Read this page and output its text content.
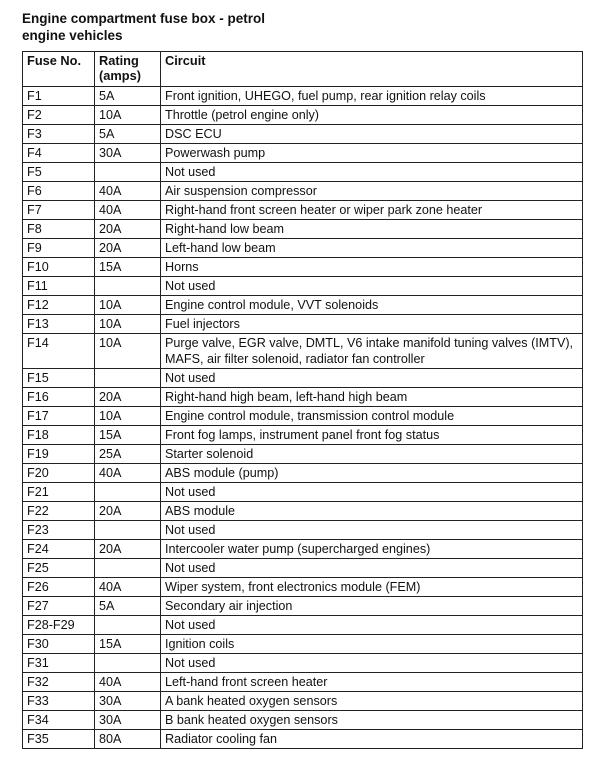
Engine compartment fuse box - petrol
engine vehicles
Fuse No.	Rating (amps)	Circuit
F1	5A	Front ignition, UHEGO, fuel pump, rear ignition relay coils
F2	10A	Throttle (petrol engine only)
F3	5A	DSC ECU
F4	30A	Powerwash pump
F5		Not used
F6	40A	Air suspension compressor
F7	40A	Right-hand front screen heater or wiper park zone heater
F8	20A	Right-hand low beam
F9	20A	Left-hand low beam
F10	15A	Horns
F11		Not used
F12	10A	Engine control module, VVT solenoids
F13	10A	Fuel injectors
F14	10A	Purge valve, EGR valve, DMTL, V6 intake manifold tuning valves (IMTV), MAFS, air filter solenoid, radiator fan controller
F15		Not used
F16	20A	Right-hand high beam, left-hand high beam
F17	10A	Engine control module, transmission control module
F18	15A	Front fog lamps, instrument panel front fog status
F19	25A	Starter solenoid
F20	40A	ABS module (pump)
F21		Not used
F22	20A	ABS module
F23		Not used
F24	20A	Intercooler water pump (supercharged engines)
F25		Not used
F26	40A	Wiper system, front electronics module (FEM)
F27	5A	Secondary air injection
F28-F29		Not used
F30	15A	Ignition coils
F31		Not used
F32	40A	Left-hand front screen heater
F33	30A	A bank heated oxygen sensors
F34	30A	B bank heated oxygen sensors
F35	80A	Radiator cooling fan
